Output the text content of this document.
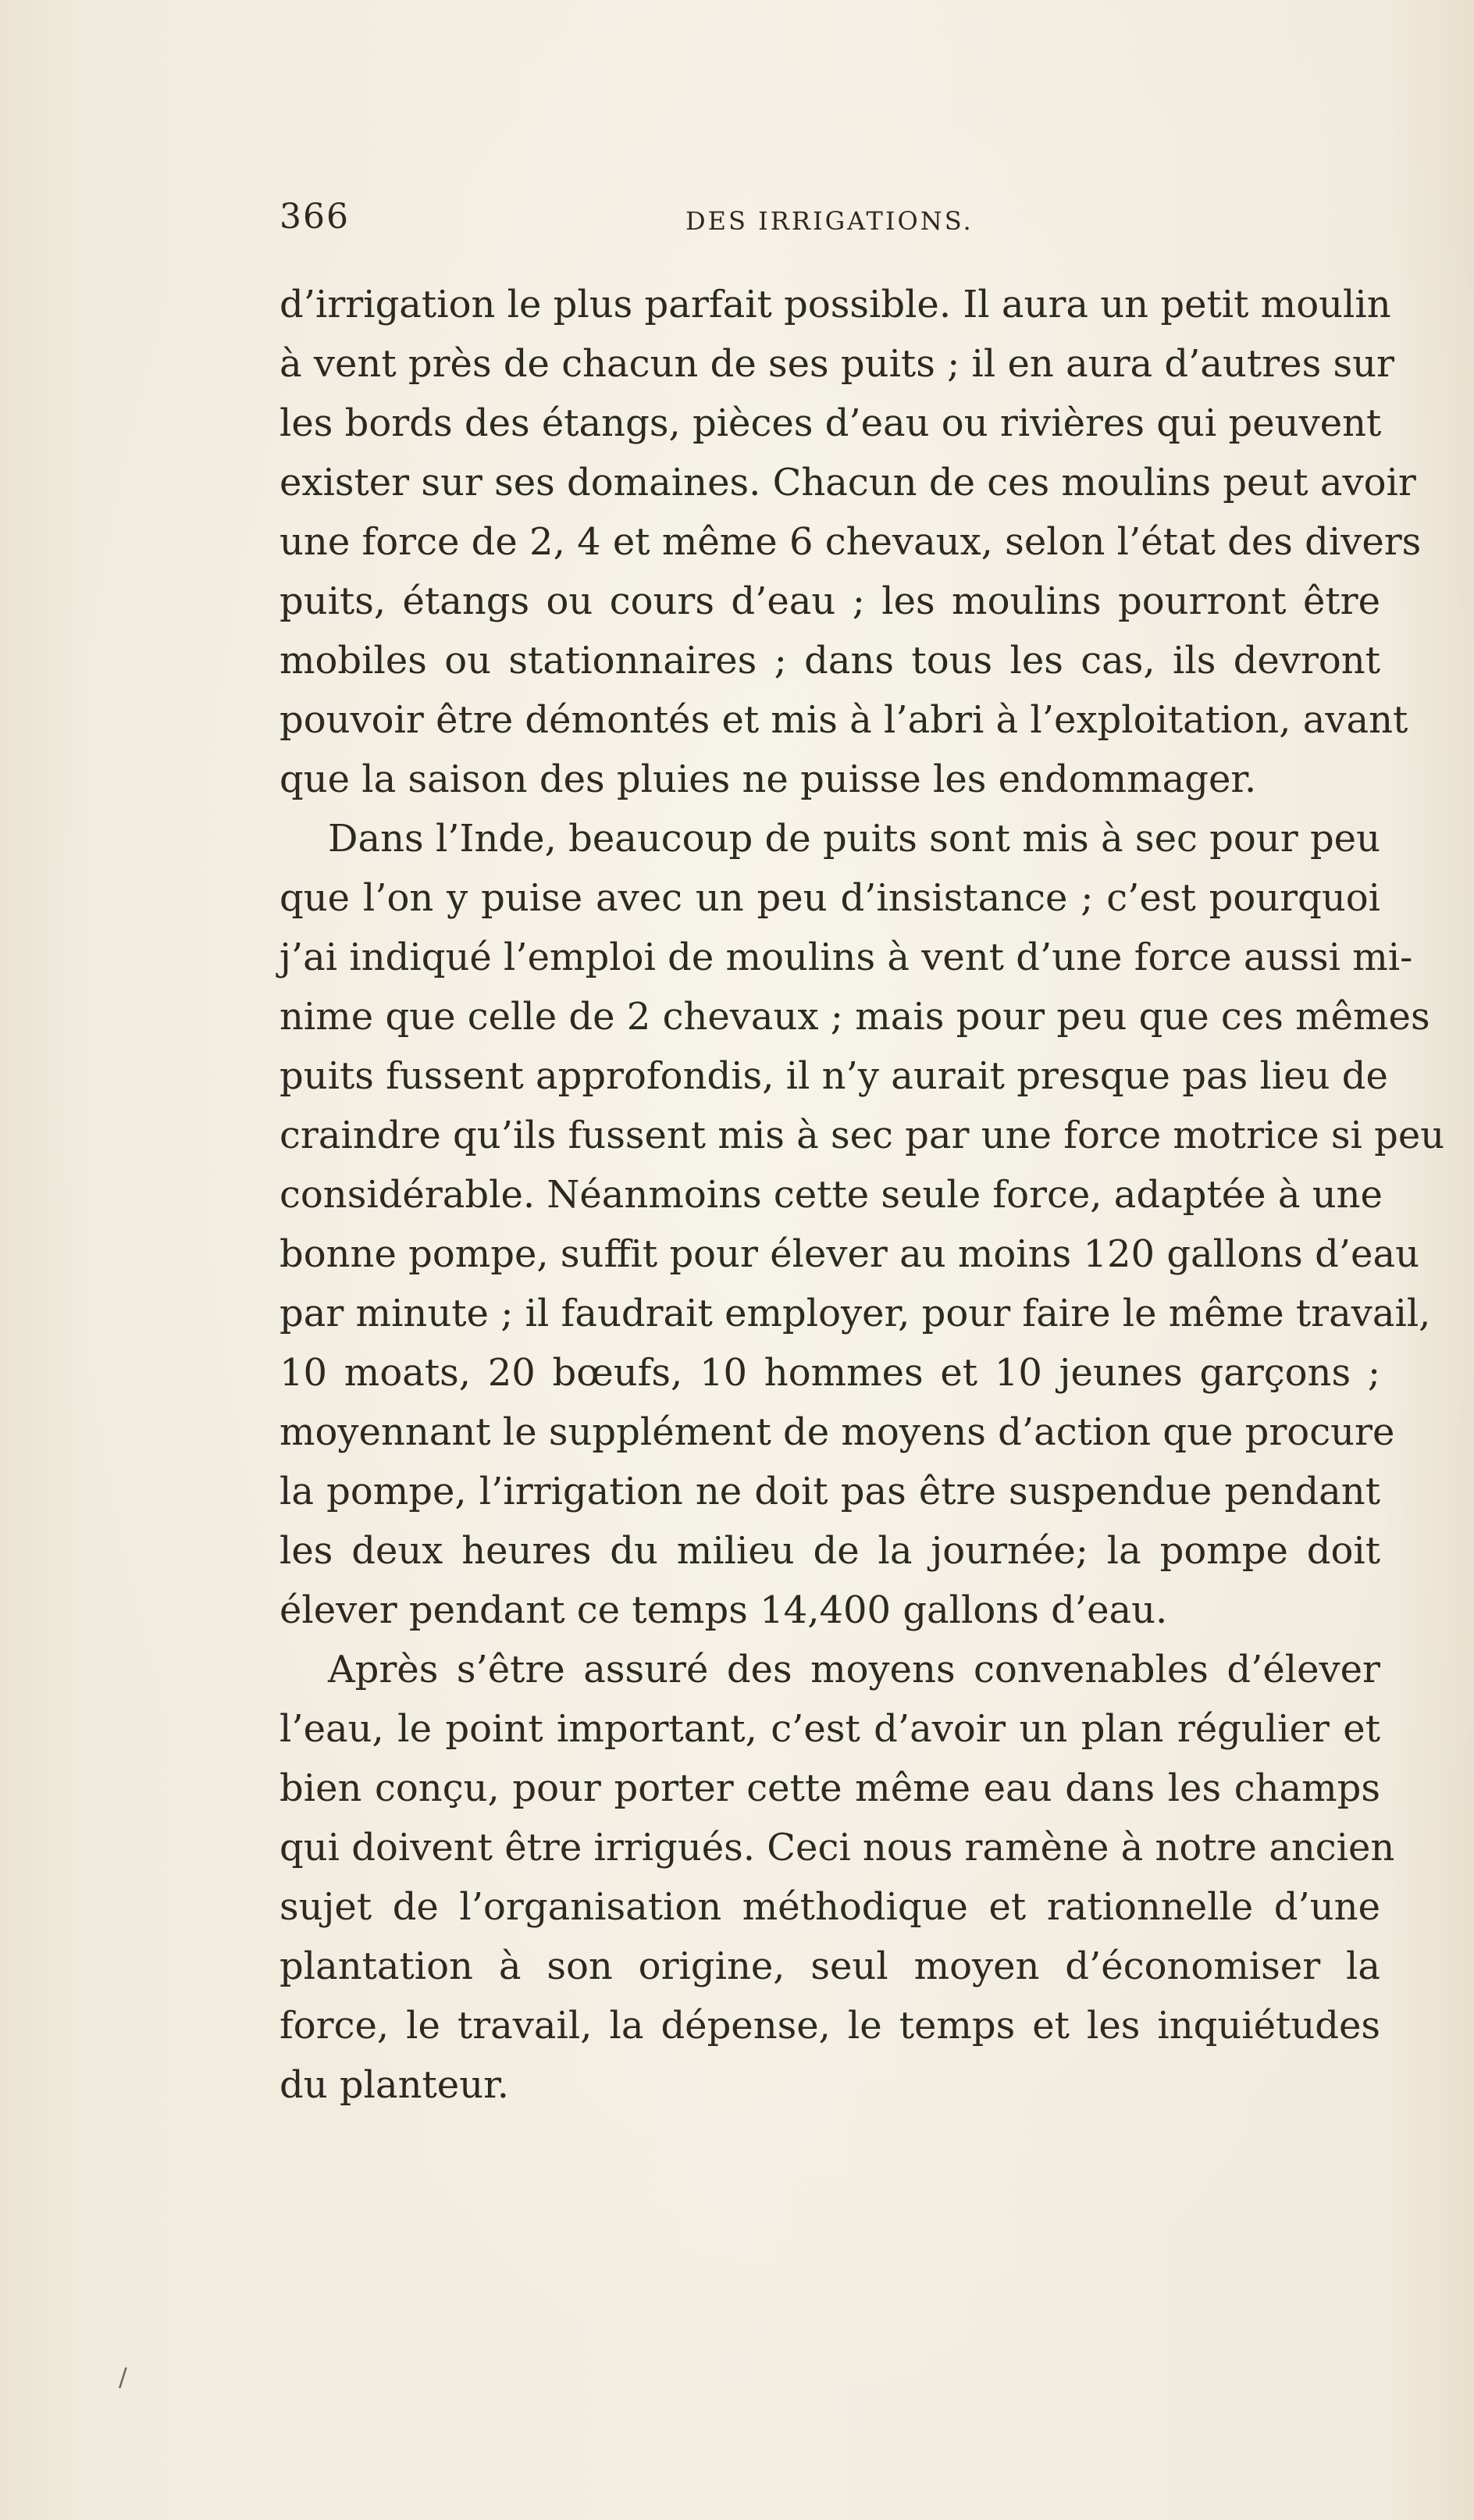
366	DES IRRIGATIONS.
d’irrigation le plus parfait possible. Il aura un petit moulin
à vent près de chacun de ses puits ; il en aura d’autres sur
les bords des étangs, pièces d’eau ou rivières qui peuvent
exister sur ses domaines. Chacun de ces moulins peut avoir
une force de 2, 4 et même 6 chevaux, selon l’état des divers
puits, étangs ou cours d’eau ; les moulins pourront être
mobiles ou stationnaires ; dans tous les cas, ils devront
pouvoir être démontés et mis à l’abri à l’exploitation, avant
que la saison des pluies ne puisse les endommager.
Dans l’Inde, beaucoup de puits sont mis à sec pour peu
que l’on y puise avec un peu d’insistance ; c’est pourquoi
j’ai indiqué l’emploi de moulins à vent d’une force aussi mi-
nime que celle de 2 chevaux ; mais pour peu que ces mêmes
puits fussent approfondis, il n’y aurait presque pas lieu de
craindre qu’ils fussent mis à sec par une force motrice si peu
considérable. Néanmoins cette seule force, adaptée à une
bonne pompe, suffit pour élever au moins 120 gallons d’eau
par minute ; il faudrait employer, pour faire le même travail,
10 moats, 20 bœufs, 10 hommes et 10 jeunes garçons ;
moyennant le supplément de moyens d’action que procure
la pompe, l’irrigation ne doit pas être suspendue pendant
les deux heures du milieu de la journée; la pompe doit
élever pendant ce temps 14,400 gallons d’eau.
Après s’être assuré des moyens convenables d’élever
l’eau, le point important, c’est d’avoir un plan régulier et
bien conçu, pour porter cette même eau dans les champs
qui doivent être irrigués. Ceci nous ramène à notre ancien
sujet de l’organisation méthodique et rationnelle d’une
plantation à son origine, seul moyen d’économiser la
force, le travail, la dépense, le temps et les inquiétudes
du planteur.
/
